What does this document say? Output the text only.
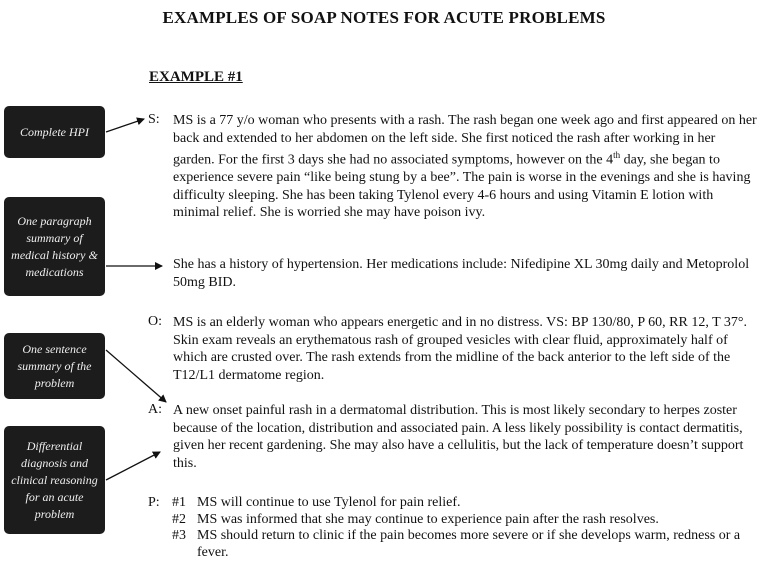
EXAMPLES OF SOAP NOTES FOR ACUTE PROBLEMS
EXAMPLE #1
Complete HPI
One paragraph summary of medical history & medications
One sentence summary of the problem
Differential diagnosis and clinical reasoning for an acute problem
S: MS is a 77 y/o woman who presents with a rash. The rash began one week ago and first appeared on her back and extended to her abdomen on the left side. She first noticed the rash after working in her garden. For the first 3 days she had no associated symptoms, however on the 4th day, she began to experience severe pain “like being stung by a bee”. The pain is worse in the evenings and she is having difficulty sleeping. She has been taking Tylenol every 4-6 hours and using Vitamin E lotion with minimal relief. She is worried she may have poison ivy.

She has a history of hypertension. Her medications include: Nifedipine XL 30mg daily and Metoprolol 50mg BID.
O: MS is an elderly woman who appears energetic and in no distress. VS: BP 130/80, P 60, RR 12, T 37°. Skin exam reveals an erythematous rash of grouped vesicles with clear fluid, approximately half of which are crusted over. The rash extends from the midline of the back anterior to the left side of the T12/L1 dermatome region.
A: A new onset painful rash in a dermatomal distribution. This is most likely secondary to herpes zoster because of the location, distribution and associated pain. A less likely possibility is contact dermatitis, given her recent gardening. She may also have a cellulitis, but the lack of temperature doesn’t support this.
P: #1 MS will continue to use Tylenol for pain relief.
#2 MS was informed that she may continue to experience pain after the rash resolves.
#3 MS should return to clinic if the pain becomes more severe or if she develops warm, redness or a fever.
